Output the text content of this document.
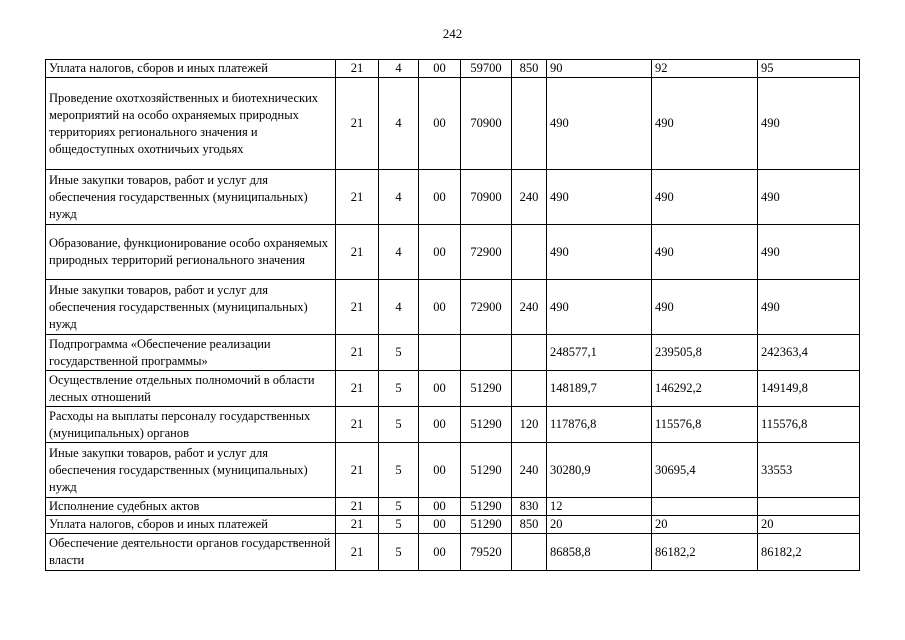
242
Уплата налогов, сборов и иных платежей	21	4	00	59700	850	90	92	95
Проведение охотхозяйственных и биотехнических мероприятий на особо охраняемых природных территориях регионального значения и общедоступных охотничьих угодьях	21	4	00	70900		490	490	490
Иные закупки товаров, работ и услуг для обеспечения государственных (муниципальных) нужд	21	4	00	70900	240	490	490	490
Образование, функционирование особо охраняемых природных территорий регионального значения	21	4	00	72900		490	490	490
Иные закупки товаров, работ и услуг для обеспечения государственных (муниципальных) нужд	21	4	00	72900	240	490	490	490
Подпрограмма «Обеспечение реализации государственной программы»	21	5				248577,1	239505,8	242363,4
Осуществление отдельных полномочий в области лесных отношений	21	5	00	51290		148189,7	146292,2	149149,8
Расходы на выплаты персоналу государственных (муниципальных) органов	21	5	00	51290	120	117876,8	115576,8	115576,8
Иные закупки товаров, работ и услуг для обеспечения государственных (муниципальных) нужд	21	5	00	51290	240	30280,9	30695,4	33553
Исполнение судебных актов	21	5	00	51290	830	12		
Уплата налогов, сборов и иных платежей	21	5	00	51290	850	20	20	20
Обеспечение деятельности органов государственной власти	21	5	00	79520		86858,8	86182,2	86182,2
